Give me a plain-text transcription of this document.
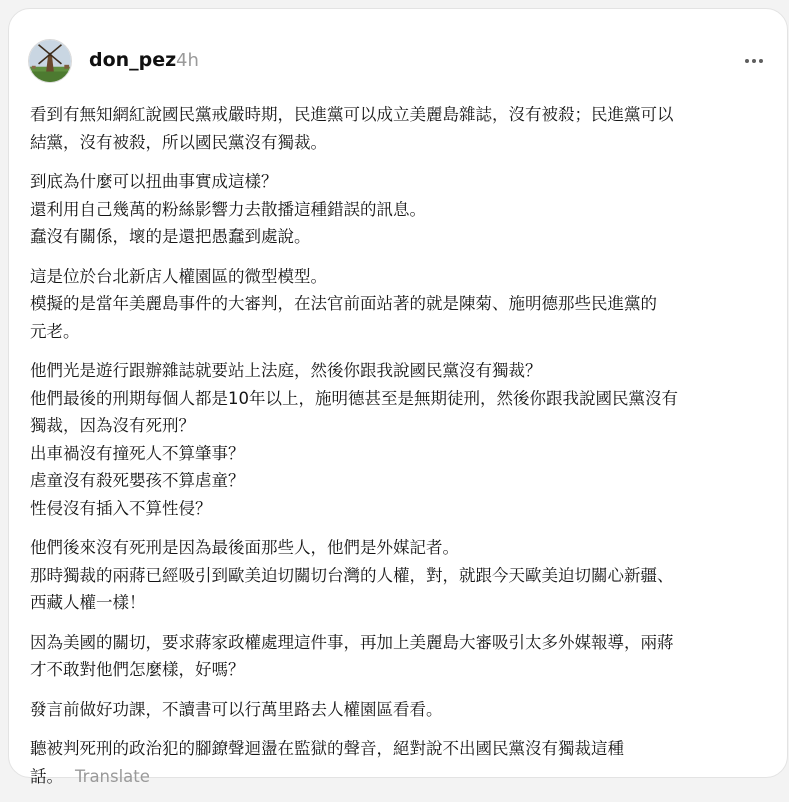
don_pez 4h

看到有無知網紅說國民黨戒嚴時期，民進黨可以成立美麗島雜誌，沒有被殺；民進黨可以
結黨，沒有被殺，所以國民黨沒有獨裁。

到底為什麼可以扭曲事實成這樣？
還利用自己幾萬的粉絲影響力去散播這種錯誤的訊息。
蠢沒有關係，壞的是還把愚蠢到處說。

這是位於台北新店人權園區的微型模型。
模擬的是當年美麗島事件的大審判，在法官前面站著的就是陳菊、施明德那些民進黨的
元老。

他們光是遊行跟辦雜誌就要站上法庭，然後你跟我說國民黨沒有獨裁？
他們最後的刑期每個人都是10年以上，施明德甚至是無期徒刑，然後你跟我說國民黨沒有
獨裁，因為沒有死刑？
出車禍沒有撞死人不算肇事？
虐童沒有殺死嬰孩不算虐童？
性侵沒有插入不算性侵？

他們後來沒有死刑是因為最後面那些人，他們是外媒記者。
那時獨裁的兩蔣已經吸引到歐美迫切關切台灣的人權，對，就跟今天歐美迫切關心新疆、
西藏人權一樣！

因為美國的關切，要求蔣家政權處理這件事，再加上美麗島大審吸引太多外媒報導，兩蔣
才不敢對他們怎麼樣，好嗎？

發言前做好功課，不讀書可以行萬里路去人權園區看看。

聽被判死刑的政治犯的腳鐐聲迴盪在監獄的聲音，絕對說不出國民黨沒有獨裁這種
話。 Translate
